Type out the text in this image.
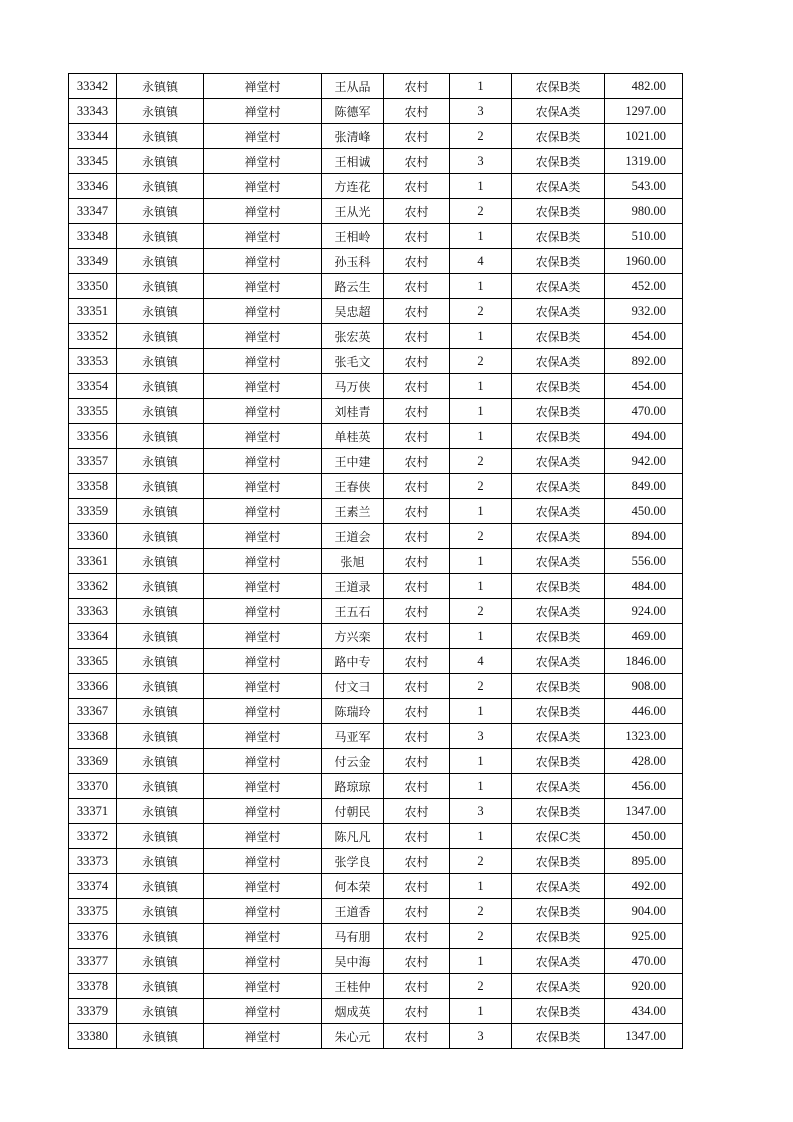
33342	永镇镇	禅堂村	王从品	农村	1	农保B类	482.00
33343	永镇镇	禅堂村	陈德军	农村	3	农保A类	1297.00
33344	永镇镇	禅堂村	张清峰	农村	2	农保B类	1021.00
33345	永镇镇	禅堂村	王相诚	农村	3	农保B类	1319.00
33346	永镇镇	禅堂村	方连花	农村	1	农保A类	543.00
33347	永镇镇	禅堂村	王从光	农村	2	农保B类	980.00
33348	永镇镇	禅堂村	王相岭	农村	1	农保B类	510.00
33349	永镇镇	禅堂村	孙玉科	农村	4	农保B类	1960.00
33350	永镇镇	禅堂村	路云生	农村	1	农保A类	452.00
33351	永镇镇	禅堂村	吴忠超	农村	2	农保A类	932.00
33352	永镇镇	禅堂村	张宏英	农村	1	农保B类	454.00
33353	永镇镇	禅堂村	张毛文	农村	2	农保A类	892.00
33354	永镇镇	禅堂村	马万侠	农村	1	农保B类	454.00
33355	永镇镇	禅堂村	刘桂青	农村	1	农保B类	470.00
33356	永镇镇	禅堂村	单桂英	农村	1	农保B类	494.00
33357	永镇镇	禅堂村	王中建	农村	2	农保A类	942.00
33358	永镇镇	禅堂村	王春侠	农村	2	农保A类	849.00
33359	永镇镇	禅堂村	王素兰	农村	1	农保A类	450.00
33360	永镇镇	禅堂村	王道会	农村	2	农保A类	894.00
33361	永镇镇	禅堂村	张旭	农村	1	农保A类	556.00
33362	永镇镇	禅堂村	王道录	农村	1	农保B类	484.00
33363	永镇镇	禅堂村	王五石	农村	2	农保A类	924.00
33364	永镇镇	禅堂村	方兴栾	农村	1	农保B类	469.00
33365	永镇镇	禅堂村	路中专	农村	4	农保A类	1846.00
33366	永镇镇	禅堂村	付文彐	农村	2	农保B类	908.00
33367	永镇镇	禅堂村	陈瑞玲	农村	1	农保B类	446.00
33368	永镇镇	禅堂村	马亚军	农村	3	农保A类	1323.00
33369	永镇镇	禅堂村	付云金	农村	1	农保B类	428.00
33370	永镇镇	禅堂村	路琼琼	农村	1	农保A类	456.00
33371	永镇镇	禅堂村	付朝民	农村	3	农保B类	1347.00
33372	永镇镇	禅堂村	陈凡凡	农村	1	农保C类	450.00
33373	永镇镇	禅堂村	张学良	农村	2	农保B类	895.00
33374	永镇镇	禅堂村	何本荣	农村	1	农保A类	492.00
33375	永镇镇	禅堂村	王道香	农村	2	农保B类	904.00
33376	永镇镇	禅堂村	马有朋	农村	2	农保B类	925.00
33377	永镇镇	禅堂村	吴中海	农村	1	农保A类	470.00
33378	永镇镇	禅堂村	王桂仲	农村	2	农保A类	920.00
33379	永镇镇	禅堂村	烟成英	农村	1	农保B类	434.00
33380	永镇镇	禅堂村	朱心元	农村	3	农保B类	1347.00
